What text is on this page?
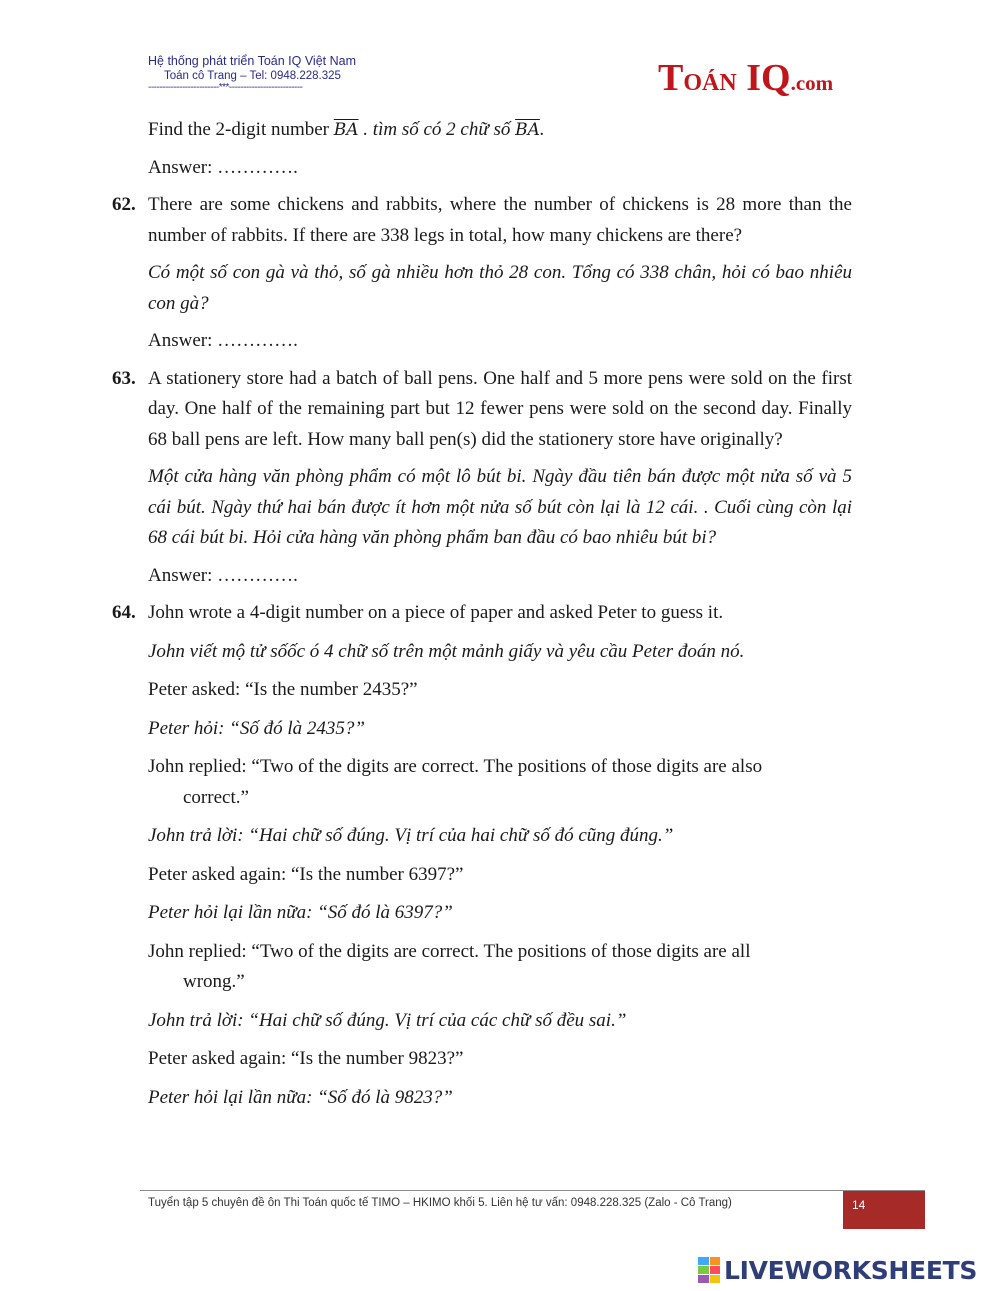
Hệ thống phát triển Toán IQ Việt Nam
Toán cô Trang – Tel: 0948.228.325
-------------------------***--------------------------	TOÁN IQ.com
Find the 2-digit number $\overline{BA}$ . tìm số có 2 chữ số $\overline{BA}$.
Answer: ………….
62. There are some chickens and rabbits, where the number of chickens is 28 more than the number of rabbits. If there are 338 legs in total, how many chickens are there?
Có một số con gà và thỏ, số gà nhiều hơn thỏ 28 con. Tổng có 338 chân, hỏi có bao nhiêu con gà?
Answer: ………….
63. A stationery store had a batch of ball pens. One half and 5 more pens were sold on the first day. One half of the remaining part but 12 fewer pens were sold on the second day. Finally 68 ball pens are left. How many ball pen(s) did the stationery store have originally?
Một cửa hàng văn phòng phẩm có một lô bút bi. Ngày đầu tiên bán được một nửa số và 5 cái bút. Ngày thứ hai bán được ít hơn một nửa số bút còn lại là 12 cái. . Cuối cùng còn lại 68 cái bút bi. Hỏi cửa hàng văn phòng phẩm ban đầu có bao nhiêu bút bi?
Answer: ………….
64. John wrote a 4-digit number on a piece of paper and asked Peter to guess it.
John viết mộ tử sốốc ó 4 chữ số trên một mảnh giấy và yêu cầu Peter đoán nó.
Peter asked: “Is the number 2435?”
Peter hỏi: “Số đó là 2435?”
John replied: “Two of the digits are correct. The positions of those digits are also
correct.”
John trả lời: “Hai chữ số đúng. Vị trí của hai chữ số đó cũng đúng.”
Peter asked again: “Is the number 6397?”
Peter hỏi lại lần nữa: “Số đó là 6397?”
John replied: “Two of the digits are correct. The positions of those digits are all
wrong.”
John trả lời: “Hai chữ số đúng. Vị trí của các chữ số đều sai.”
Peter asked again: “Is the number 9823?”
Peter hỏi lại lần nữa: “Số đó là 9823?”
Tuyển tập 5 chuyên đề ôn Thi Toán quốc tế TIMO – HKIMO khối 5. Liên hệ tư vấn: 0948.228.325 (Zalo - Cô Trang)	14
LIVEWORKSHEETS
